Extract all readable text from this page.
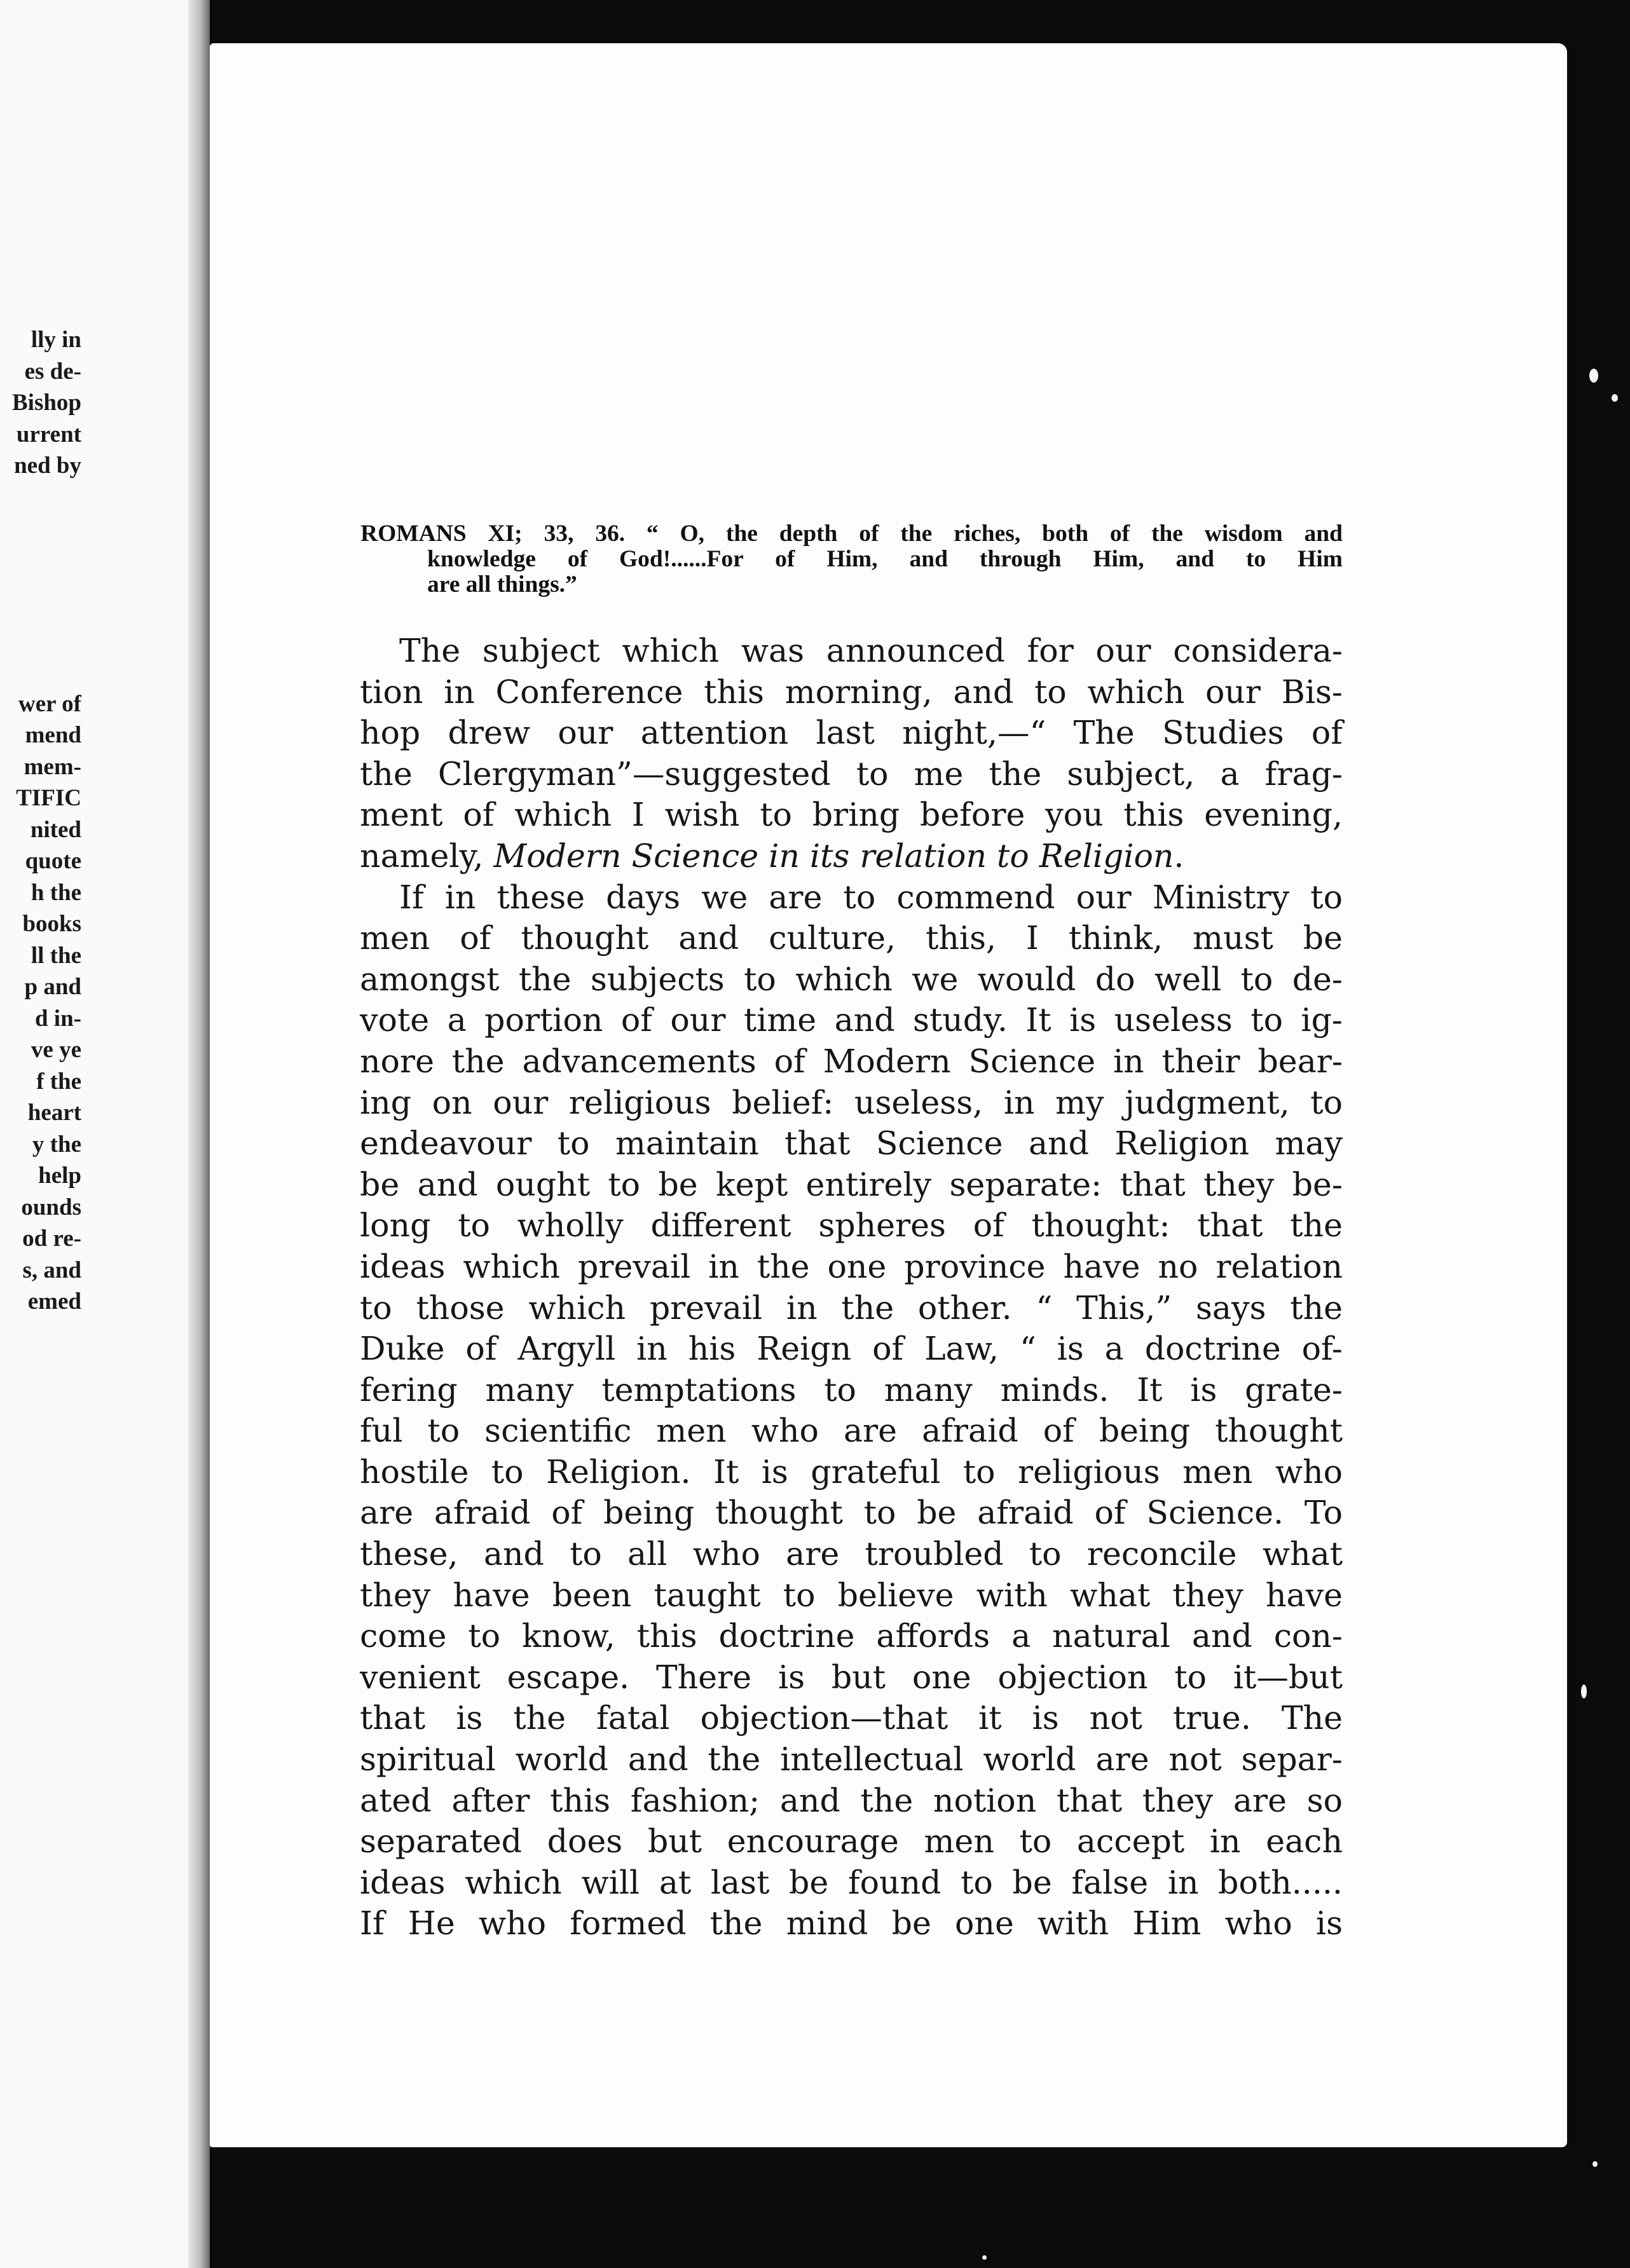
lly in
es de-
Bishop
urrent
ned by
wer of
mend
mem-
TIFIC
nited
quote
h the
books
ll the
p and
d in-
ve ye
f the
heart
y the
help
ounds
od re-
s, and
emed
ROMANS XI; 33, 36. “ O, the depth of the riches, both of the wisdom and
knowledge of God!......For of Him, and through Him, and to Him
are all things.”
The subject which was announced for our considera-
tion in Conference this morning, and to which our Bis-
hop drew our attention last night,—“ The Studies of
the Clergyman”—suggested to me the subject, a frag-
ment of which I wish to bring before you this evening,
namely, Modern Science in its relation to Religion.
If in these days we are to commend our Ministry to
men of thought and culture, this, I think, must be
amongst the subjects to which we would do well to de-
vote a portion of our time and study. It is useless to ig-
nore the advancements of Modern Science in their bear-
ing on our religious belief: useless, in my judgment, to
endeavour to maintain that Science and Religion may
be and ought to be kept entirely separate: that they be-
long to wholly different spheres of thought: that the
ideas which prevail in the one province have no relation
to those which prevail in the other. “ This,” says the
Duke of Argyll in his Reign of Law, “ is a doctrine of-
fering many temptations to many minds. It is grate-
ful to scientific men who are afraid of being thought
hostile to Religion. It is grateful to religious men who
are afraid of being thought to be afraid of Science. To
these, and to all who are troubled to reconcile what
they have been taught to believe with what they have
come to know, this doctrine affords a natural and con-
venient escape. There is but one objection to it—but
that is the fatal objection—that it is not true. The
spiritual world and the intellectual world are not separ-
ated after this fashion; and the notion that they are so
separated does but encourage men to accept in each
ideas which will at last be found to be false in both.....
If He who formed the mind be one with Him who is
